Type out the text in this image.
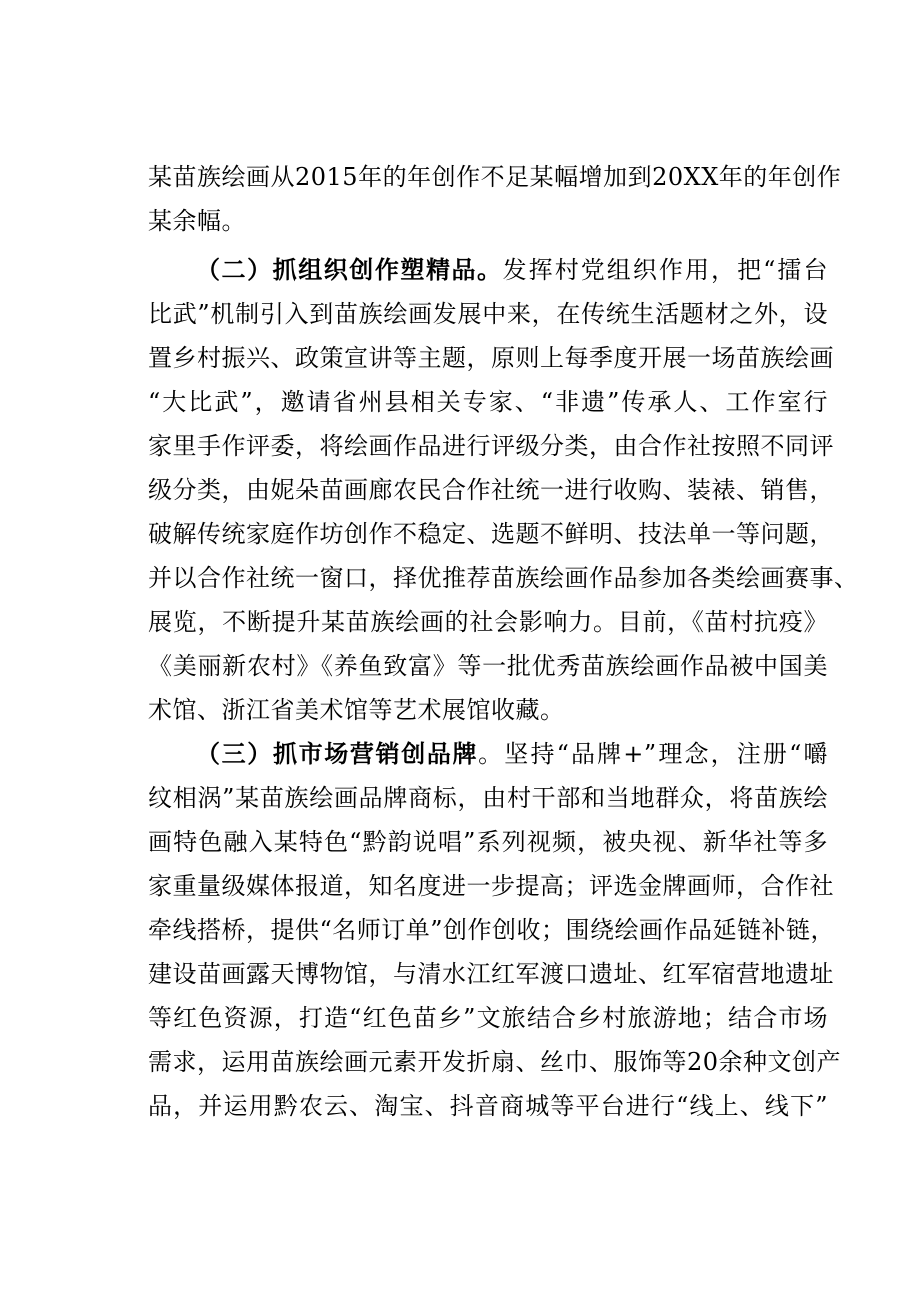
某苗族绘画从2015年的年创作不足某幅增加到20XX年的年创作
某余幅。
（二）抓组织创作塑精品。发挥村党组织作用，把“擂台
比武”机制引入到苗族绘画发展中来，在传统生活题材之外，设
置乡村振兴、政策宣讲等主题，原则上每季度开展一场苗族绘画
“大比武”，邀请省州县相关专家、“非遗”传承人、工作室行
家里手作评委，将绘画作品进行评级分类，由合作社按照不同评
级分类，由妮朵苗画廊农民合作社统一进行收购、装裱、销售，
破解传统家庭作坊创作不稳定、选题不鲜明、技法单一等问题，
并以合作社统一窗口，择优推荐苗族绘画作品参加各类绘画赛事、
展览，不断提升某苗族绘画的社会影响力。目前，《苗村抗疫》
《美丽新农村》《养鱼致富》等一批优秀苗族绘画作品被中国美
术馆、浙江省美术馆等艺术展馆收藏。
（三）抓市场营销创品牌。坚持“品牌+”理念，注册“嚼
纹相涡”某苗族绘画品牌商标，由村干部和当地群众，将苗族绘
画特色融入某特色“黔韵说唱”系列视频，被央视、新华社等多
家重量级媒体报道，知名度进一步提高；评选金牌画师，合作社
牵线搭桥，提供“名师订单”创作创收；围绕绘画作品延链补链，
建设苗画露天博物馆，与清水江红军渡口遗址、红军宿营地遗址
等红色资源，打造“红色苗乡”文旅结合乡村旅游地；结合市场
需求，运用苗族绘画元素开发折扇、丝巾、服饰等20余种文创产
品，并运用黔农云、淘宝、抖音商城等平台进行“线上、线下”
